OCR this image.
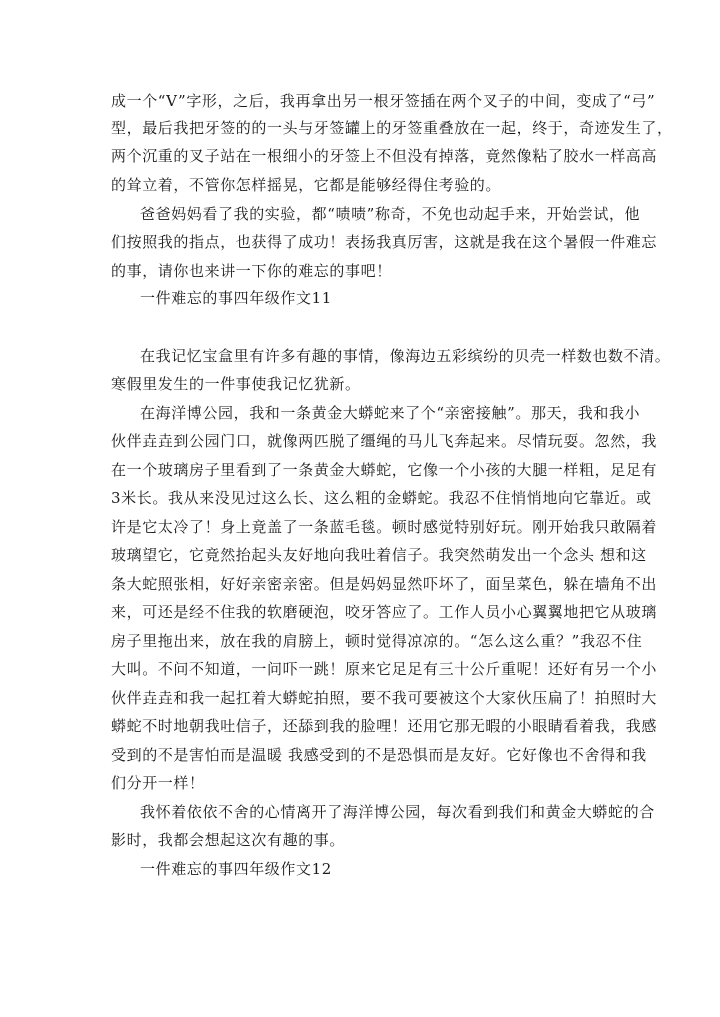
成一个“V”字形，之后，我再拿出另一根牙签插在两个叉子的中间，变成了“弓”
型，最后我把牙签的的一头与牙签罐上的牙签重叠放在一起，终于，奇迹发生了，
两个沉重的叉子站在一根细小的牙签上不但没有掉落，竟然像粘了胶水一样高高
的耸立着，不管你怎样摇晃，它都是能够经得住考验的。
爸爸妈妈看了我的实验，都“啧啧”称奇，不免也动起手来，开始尝试，他
们按照我的指点，也获得了成功！表扬我真厉害，这就是我在这个暑假一件难忘
的事，请你也来讲一下你的难忘的事吧！
一件难忘的事四年级作文11
在我记忆宝盒里有许多有趣的事情，像海边五彩缤纷的贝壳一样数也数不清。
寒假里发生的一件事使我记忆犹新。
在海洋博公园，我和一条黄金大蟒蛇来了个“亲密接触”。那天，我和我小
伙伴垚垚到公园门口，就像两匹脱了缰绳的马儿飞奔起来。尽情玩耍。忽然，我
在一个玻璃房子里看到了一条黄金大蟒蛇，它像一个小孩的大腿一样粗，足足有
3米长。我从来没见过这么长、这么粗的金蟒蛇。我忍不住悄悄地向它靠近。或
许是它太冷了！身上竟盖了一条蓝毛毯。顿时感觉特别好玩。刚开始我只敢隔着
玻璃望它，它竟然抬起头友好地向我吐着信子。我突然萌发出一个念头 想和这
条大蛇照张相，好好亲密亲密。但是妈妈显然吓坏了，面呈菜色，躲在墙角不出
来，可还是经不住我的软磨硬泡，咬牙答应了。工作人员小心翼翼地把它从玻璃
房子里拖出来，放在我的肩膀上，顿时觉得凉凉的。“怎么这么重？”我忍不住
大叫。不问不知道，一问吓一跳！原来它足足有三十公斤重呢！还好有另一个小
伙伴垚垚和我一起扛着大蟒蛇拍照，要不我可要被这个大家伙压扁了！拍照时大
蟒蛇不时地朝我吐信子，还舔到我的脸哩！还用它那无暇的小眼睛看着我，我感
受到的不是害怕而是温暖 我感受到的不是恐惧而是友好。它好像也不舍得和我
们分开一样！
我怀着依依不舍的心情离开了海洋博公园，每次看到我们和黄金大蟒蛇的合
影时，我都会想起这次有趣的事。
一件难忘的事四年级作文12
